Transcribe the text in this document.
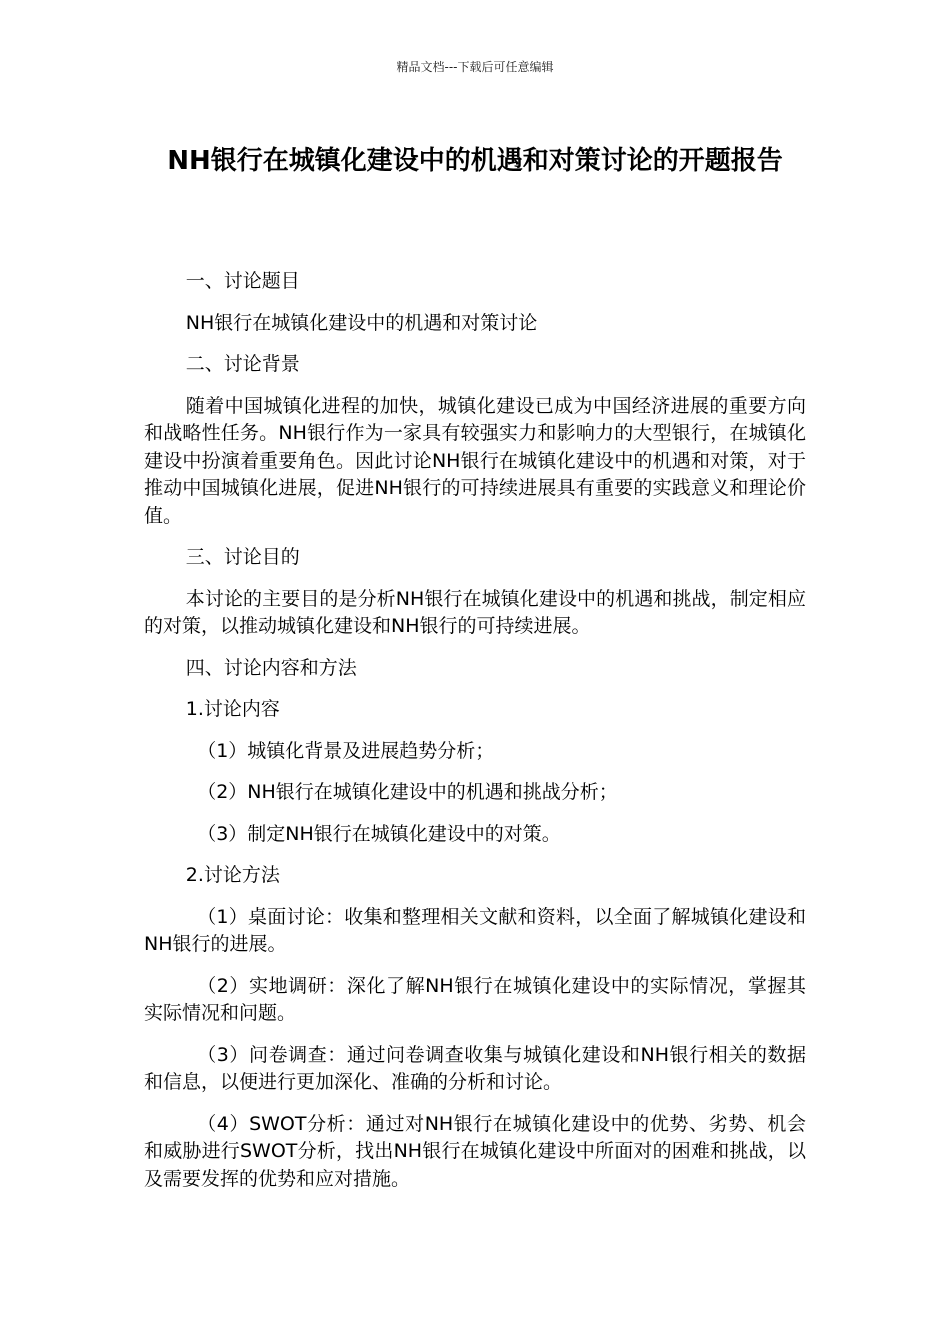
精品文档---下载后可任意编辑
NH银行在城镇化建设中的机遇和对策讨论的开题报告

一、讨论题目

NH银行在城镇化建设中的机遇和对策讨论

二、讨论背景

随着中国城镇化进程的加快，城镇化建设已成为中国经济进展的重要方向和战略性任务。NH银行作为一家具有较强实力和影响力的大型银行，在城镇化建设中扮演着重要角色。因此讨论NH银行在城镇化建设中的机遇和对策，对于推动中国城镇化进展，促进NH银行的可持续进展具有重要的实践意义和理论价值。

三、讨论目的

本讨论的主要目的是分析NH银行在城镇化建设中的机遇和挑战，制定相应的对策，以推动城镇化建设和NH银行的可持续进展。

四、讨论内容和方法

1.讨论内容

（1）城镇化背景及进展趋势分析；

（2）NH银行在城镇化建设中的机遇和挑战分析；

（3）制定NH银行在城镇化建设中的对策。

2.讨论方法

（1）桌面讨论：收集和整理相关文献和资料，以全面了解城镇化建设和NH银行的进展。

（2）实地调研：深化了解NH银行在城镇化建设中的实际情况，掌握其实际情况和问题。

（3）问卷调查：通过问卷调查收集与城镇化建设和NH银行相关的数据和信息，以便进行更加深化、准确的分析和讨论。

（4）SWOT分析：通过对NH银行在城镇化建设中的优势、劣势、机会和威胁进行SWOT分析，找出NH银行在城镇化建设中所面对的困难和挑战，以及需要发挥的优势和应对措施。
